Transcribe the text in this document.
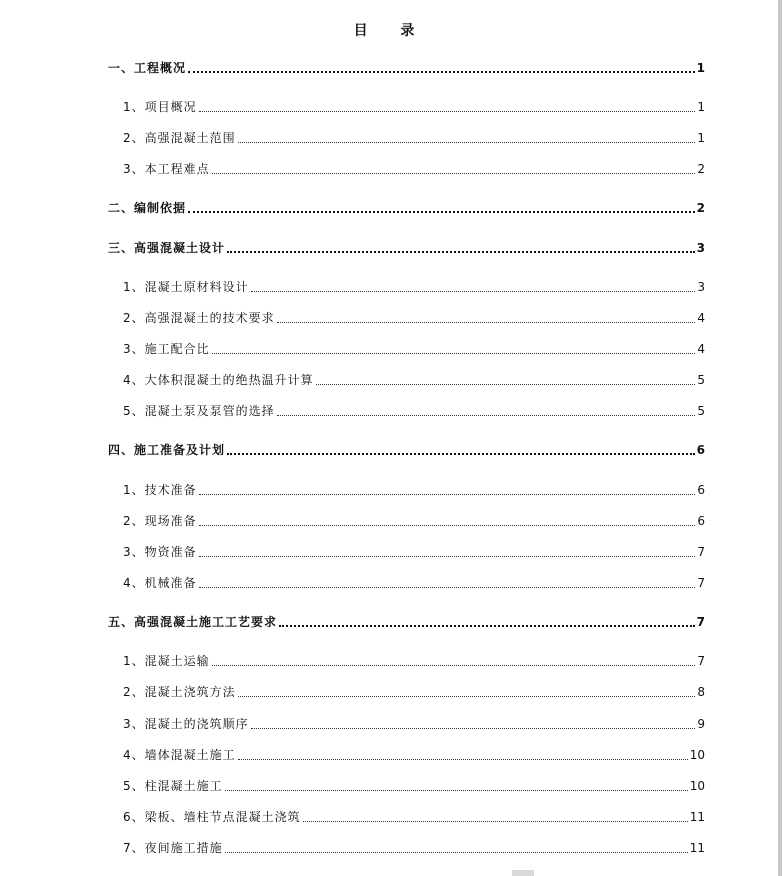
目 录
一、工程概况	1
1、项目概况	1
2、高强混凝土范围	1
3、本工程难点	2
二、编制依据	2
三、高强混凝土设计	3
1、混凝土原材料设计	3
2、高强混凝土的技术要求	4
3、施工配合比	4
4、大体积混凝土的绝热温升计算	5
5、混凝土泵及泵管的选择	5
四、施工准备及计划	6
1、技术准备	6
2、现场准备	6
3、物资准备	7
4、机械准备	7
五、高强混凝土施工工艺要求	7
1、混凝土运输	7
2、混凝土浇筑方法	8
3、混凝土的浇筑顺序	9
4、墙体混凝土施工	10
5、柱混凝土施工	10
6、梁板、墙柱节点混凝土浇筑	11
7、夜间施工措施	11
